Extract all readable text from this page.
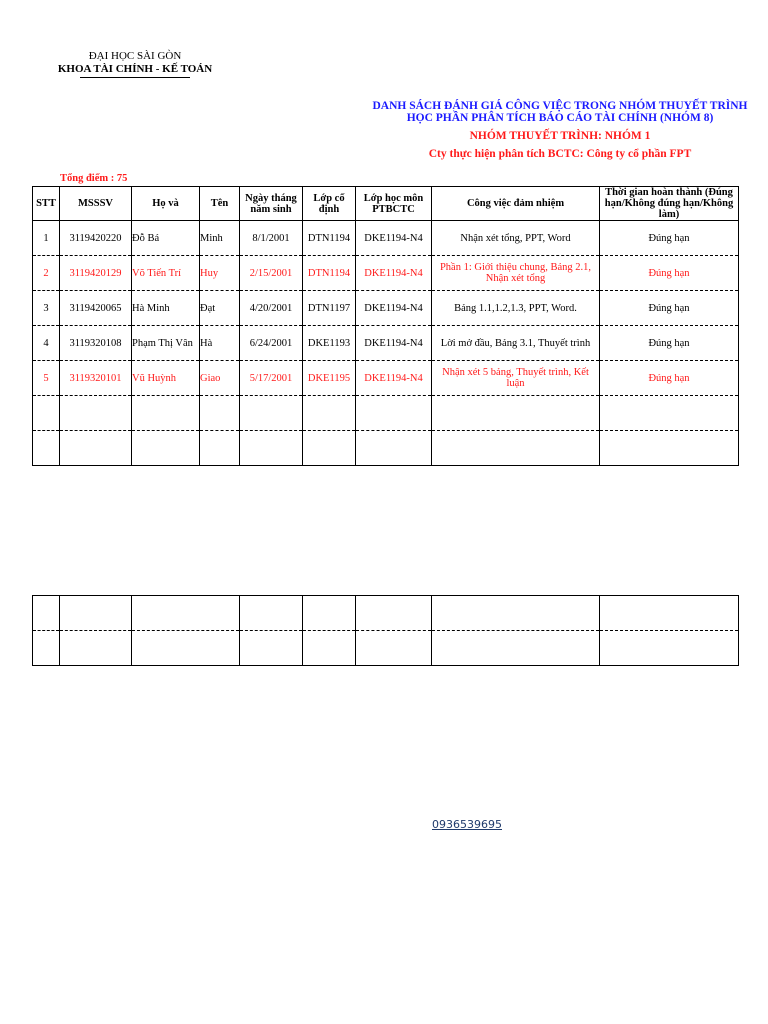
ĐẠI HỌC SÀI GÒN
KHOA TÀI CHÍNH - KẾ TOÁN
DANH SÁCH ĐÁNH GIÁ CÔNG VIỆC TRONG NHÓM THUYẾT TRÌNH
HỌC PHẦN PHÂN TÍCH BÁO CÁO TÀI CHÍNH (NHÓM 8)
NHÓM THUYẾT TRÌNH: NHÓM 1
Cty thực hiện phân tích BCTC: Công ty cổ phần FPT
Tổng điểm : 75
STT	MSSSV	Họ và	Tên	Ngày tháng năm sinh	Lớp cố định	Lớp học môn PTBCTC	Công việc đảm nhiệm	Thời gian hoàn thành (Đúng hạn/Không đúng hạn/Không làm)
1	3119420220	Đỗ Bá	Minh	8/1/2001	DTN1194	DKE1194-N4	Nhận xét tổng, PPT, Word	Đúng hạn
2	3119420129	Võ Tiến Trí	Huy	2/15/2001	DTN1194	DKE1194-N4	Phần 1: Giới thiệu chung, Bảng 2.1, Nhận xét tổng	Đúng hạn
3	3119420065	Hà Minh	Đạt	4/20/2001	DTN1197	DKE1194-N4	Bảng 1.1,1.2,1.3, PPT, Word.	Đúng hạn
4	3119320108	Phạm Thị Vân	Hà	6/24/2001	DKE1193	DKE1194-N4	Lời mở đầu, Bảng 3.1, Thuyết trình	Đúng hạn
5	3119320101	Vũ Huỳnh	Giao	5/17/2001	DKE1195	DKE1194-N4	Nhận xét 5 bảng, Thuyết trình, Kết luận	Đúng hạn

0936539695
